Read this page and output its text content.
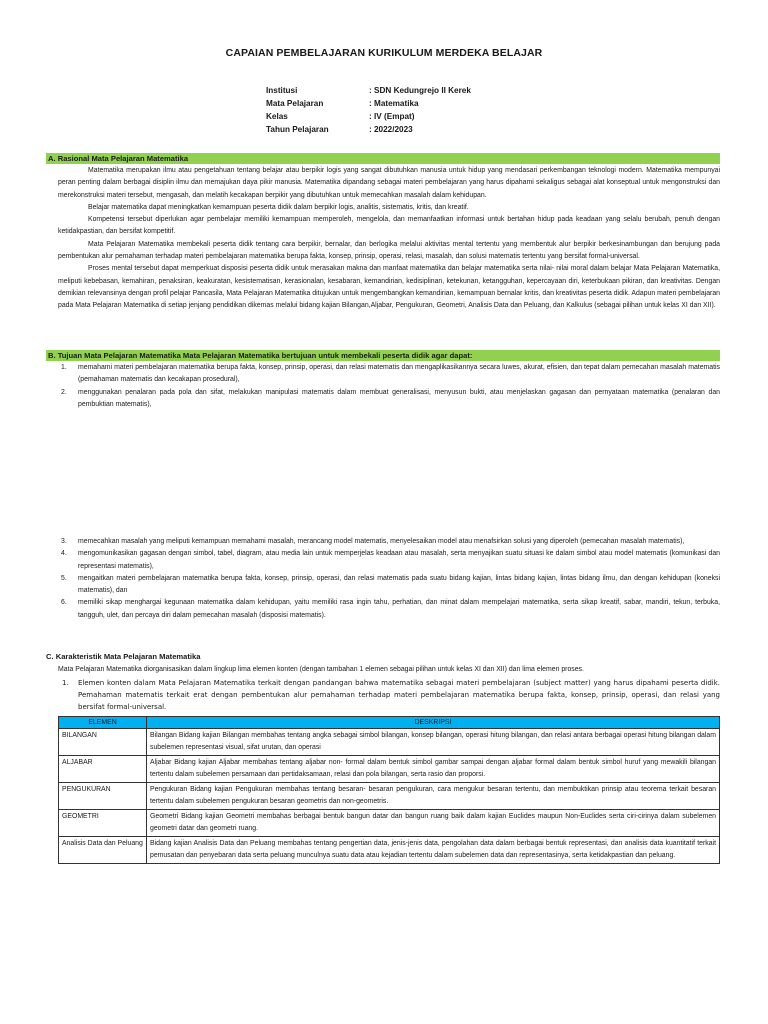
CAPAIAN PEMBELAJARAN KURIKULUM MERDEKA BELAJAR
Institusi	: SDN Kedungrejo II Kerek
Mata Pelajaran	: Matematika
Kelas	: IV (Empat)
Tahun Pelajaran	: 2022/2023
A. Rasional Mata Pelajaran Matematika

Matematika merupakan ilmu atau pengetahuan tentang belajar atau berpikir logis yang sangat dibutuhkan manusia untuk hidup yang mendasari perkembangan teknologi modern. Matematika mempunyai peran penting dalam berbagai disiplin ilmu dan memajukan daya pikir manusia. Matematika dipandang sebagai materi pembelajaran yang harus dipahami sekaligus sebagai alat konseptual untuk mengonstruksi dan merekonstruksi materi tersebut, mengasah, dan melatih kecakapan berpikir yang dibutuhkan untuk memecahkan masalah dalam kehidupan.

Belajar matematika dapat meningkatkan kemampuan peserta didik dalam berpikir logis, analitis, sistematis, kritis, dan kreatif.

Kompetensi tersebut diperlukan agar pembelajar memiliki kemampuan memperoleh, mengelola, dan memanfaatkan informasi untuk bertahan hidup pada keadaan yang selalu berubah, penuh dengan ketidakpastian, dan bersifat kompetitif.

Mata Pelajaran Matematika membekali peserta didik tentang cara berpikir, bernalar, dan berlogika melalui aktivitas mental tertentu yang membentuk alur berpikir berkesinambungan dan berujung pada pembentukan alur pemahaman terhadap materi pembelajaran matematika berupa fakta, konsep, prinsip, operasi, relasi, masalah, dan solusi matematis tertentu yang bersifat formal-universal.

Proses mental tersebut dapat memperkuat disposisi peserta didik untuk merasakan makna dan manfaat matematika dan belajar matematika serta nilai- nilai moral dalam belajar Mata Pelajaran Matematika, meliputi kebebasan, kemahiran, penaksiran, keakuratan, kesistematisan, kerasionalan, kesabaran, kemandirian, kedisiplinan, ketekunan, ketangguhan, kepercayaan diri, keterbukaan pikiran, dan kreativitas. Dengan demikian relevansinya dengan profil pelajar Pancasila, Mata Pelajaran Matematika ditujukan untuk mengembangkan kemandirian, kemampuan bernalar kritis, dan kreativitas peserta didik. Adapun materi pembelajaran pada Mata Pelajaran Matematika di setiap jenjang pendidikan dikemas melalui bidang kajian Bilangan,Aljabar, Pengukuran, Geometri, Analisis Data dan Peluang, dan Kalkulus (sebagai pilihan untuk kelas XI dan XII).

B. Tujuan Mata Pelajaran Matematika Mata Pelajaran Matematika bertujuan untuk membekali peserta didik agar dapat:
1. memahami materi pembelajaran matematika berupa fakta, konsep, prinsip, operasi, dan relasi matematis dan mengaplikasikannya secara luwes, akurat, efisien, dan tepat dalam pemecahan masalah matematis (pemahaman matematis dan kecakapan prosedural),
2. menggunakan penalaran pada pola dan sifat, melakukan manipulasi matematis dalam membuat generalisasi, menyusun bukti, atau menjelaskan gagasan dan pernyataan matematika (penalaran dan pembuktian matematis),
3. memecahkan masalah yang meliputi kemampuan memahami masalah, merancang model matematis, menyelesaikan model atau menafsirkan solusi yang diperoleh (pemecahan masalah matematis),
4. mengomunikasikan gagasan dengan simbol, tabel, diagram, atau media lain untuk memperjelas keadaan atau masalah, serta menyajikan suatu situasi ke dalam simbol atau model matematis (komunikasi dan representasi matematis),
5. mengaitkan materi pembelajaran matematika berupa fakta, konsep, prinsip, operasi, dan relasi matematis pada suatu bidang kajian, lintas bidang kajian, lintas bidang ilmu, dan dengan kehidupan (koneksi matematis), dan
6. memiliki sikap menghargai kegunaan matematika dalam kehidupan, yaitu memiliki rasa ingin tahu, perhatian, dan minat dalam mempelajari matematika, serta sikap kreatif, sabar, mandiri, tekun, terbuka, tangguh, ulet, dan percaya diri dalam pemecahan masalah (disposisi matematis).
C. Karakteristik Mata Pelajaran Matematika
Mata Pelajaran Matematika diorganisasikan dalam lingkup lima elemen konten (dengan tambahan 1 elemen sebagai pilihan untuk kelas XI dan XII) dan lima elemen proses.
1.	Elemen konten dalam Mata Pelajaran Matematika terkait dengan pandangan bahwa matematika sebagai materi pembelajaran (subject matter) yang harus dipahami peserta didik. Pemahaman matematis terkait erat dengan pembentukan alur pemahaman terhadap materi pembelajaran matematika berupa fakta, konsep, prinsip, operasi, dan relasi yang bersifat formal-universal.
ELEMEN	DESKRIPSI
BILANGAN	Bilangan Bidang kajian Bilangan membahas tentang angka sebagai simbol bilangan, konsep bilangan, operasi hitung bilangan, dan relasi antara berbagai operasi hitung bilangan dalam subelemen representasi visual, sifat urutan, dan operasi
ALJABAR	Aljabar Bidang kajian Aljabar membahas tentang aljabar non- formal dalam bentuk simbol gambar sampai dengan aljabar formal dalam bentuk simbol huruf yang mewakili bilangan tertentu dalam subelemen persamaan dan pertidaksamaan, relasi dan pola bilangan, serta rasio dan proporsi.
PENGUKURAN	Pengukuran Bidang kajian Pengukuran membahas tentang besaran- besaran pengukuran, cara mengukur besaran tertentu, dan membuktikan prinsip atau teorema terkait besaran tertentu dalam subelemen pengukuran besaran geometris dan non-geometris.
GEOMETRI	Geometri Bidang kajian Geometri membahas berbagai bentuk bangun datar dan bangun ruang baik dalam kajian Euclides maupun Non-Euclides serta ciri-cirinya dalam subelemen geometri datar dan geometri ruang.
Analisis Data dan Peluang	Bidang kajian Analisis Data dan Peluang membahas tentang pengertian data, jenis-jenis data, pengolahan data dalam berbagai bentuk representasi, dan analisis data kuantitatif terkait pemusatan dan penyebaran data serta peluang munculnya suatu data atau kejadian tertentu dalam subelemen data dan representasinya, serta ketidakpastian dan peluang.
